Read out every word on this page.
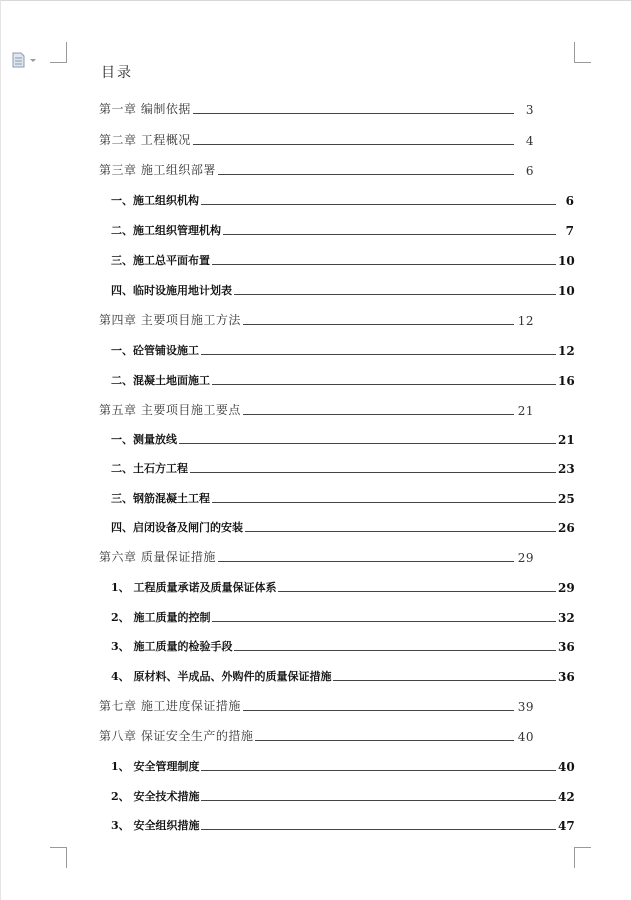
目录
第一章 编制依据	3
第二章 工程概况	4
第三章 施工组织部署	6
一、施工组织机构	6
二、施工组织管理机构	7
三、施工总平面布置	10
四、临时设施用地计划表	10
第四章 主要项目施工方法	12
一、砼管铺设施工	12
二、混凝土地面施工	16
第五章 主要项目施工要点	21
一、测量放线	21
二、土石方工程	23
三、钢筋混凝土工程	25
四、启闭设备及闸门的安装	26
第六章 质量保证措施	29
1、 工程质量承诺及质量保证体系	29
2、 施工质量的控制	32
3、 施工质量的检验手段	36
4、 原材料、半成品、外购件的质量保证措施	36
第七章 施工进度保证措施	39
第八章 保证安全生产的措施	40
1、 安全管理制度	40
2、 安全技术措施	42
3、 安全组织措施	47
